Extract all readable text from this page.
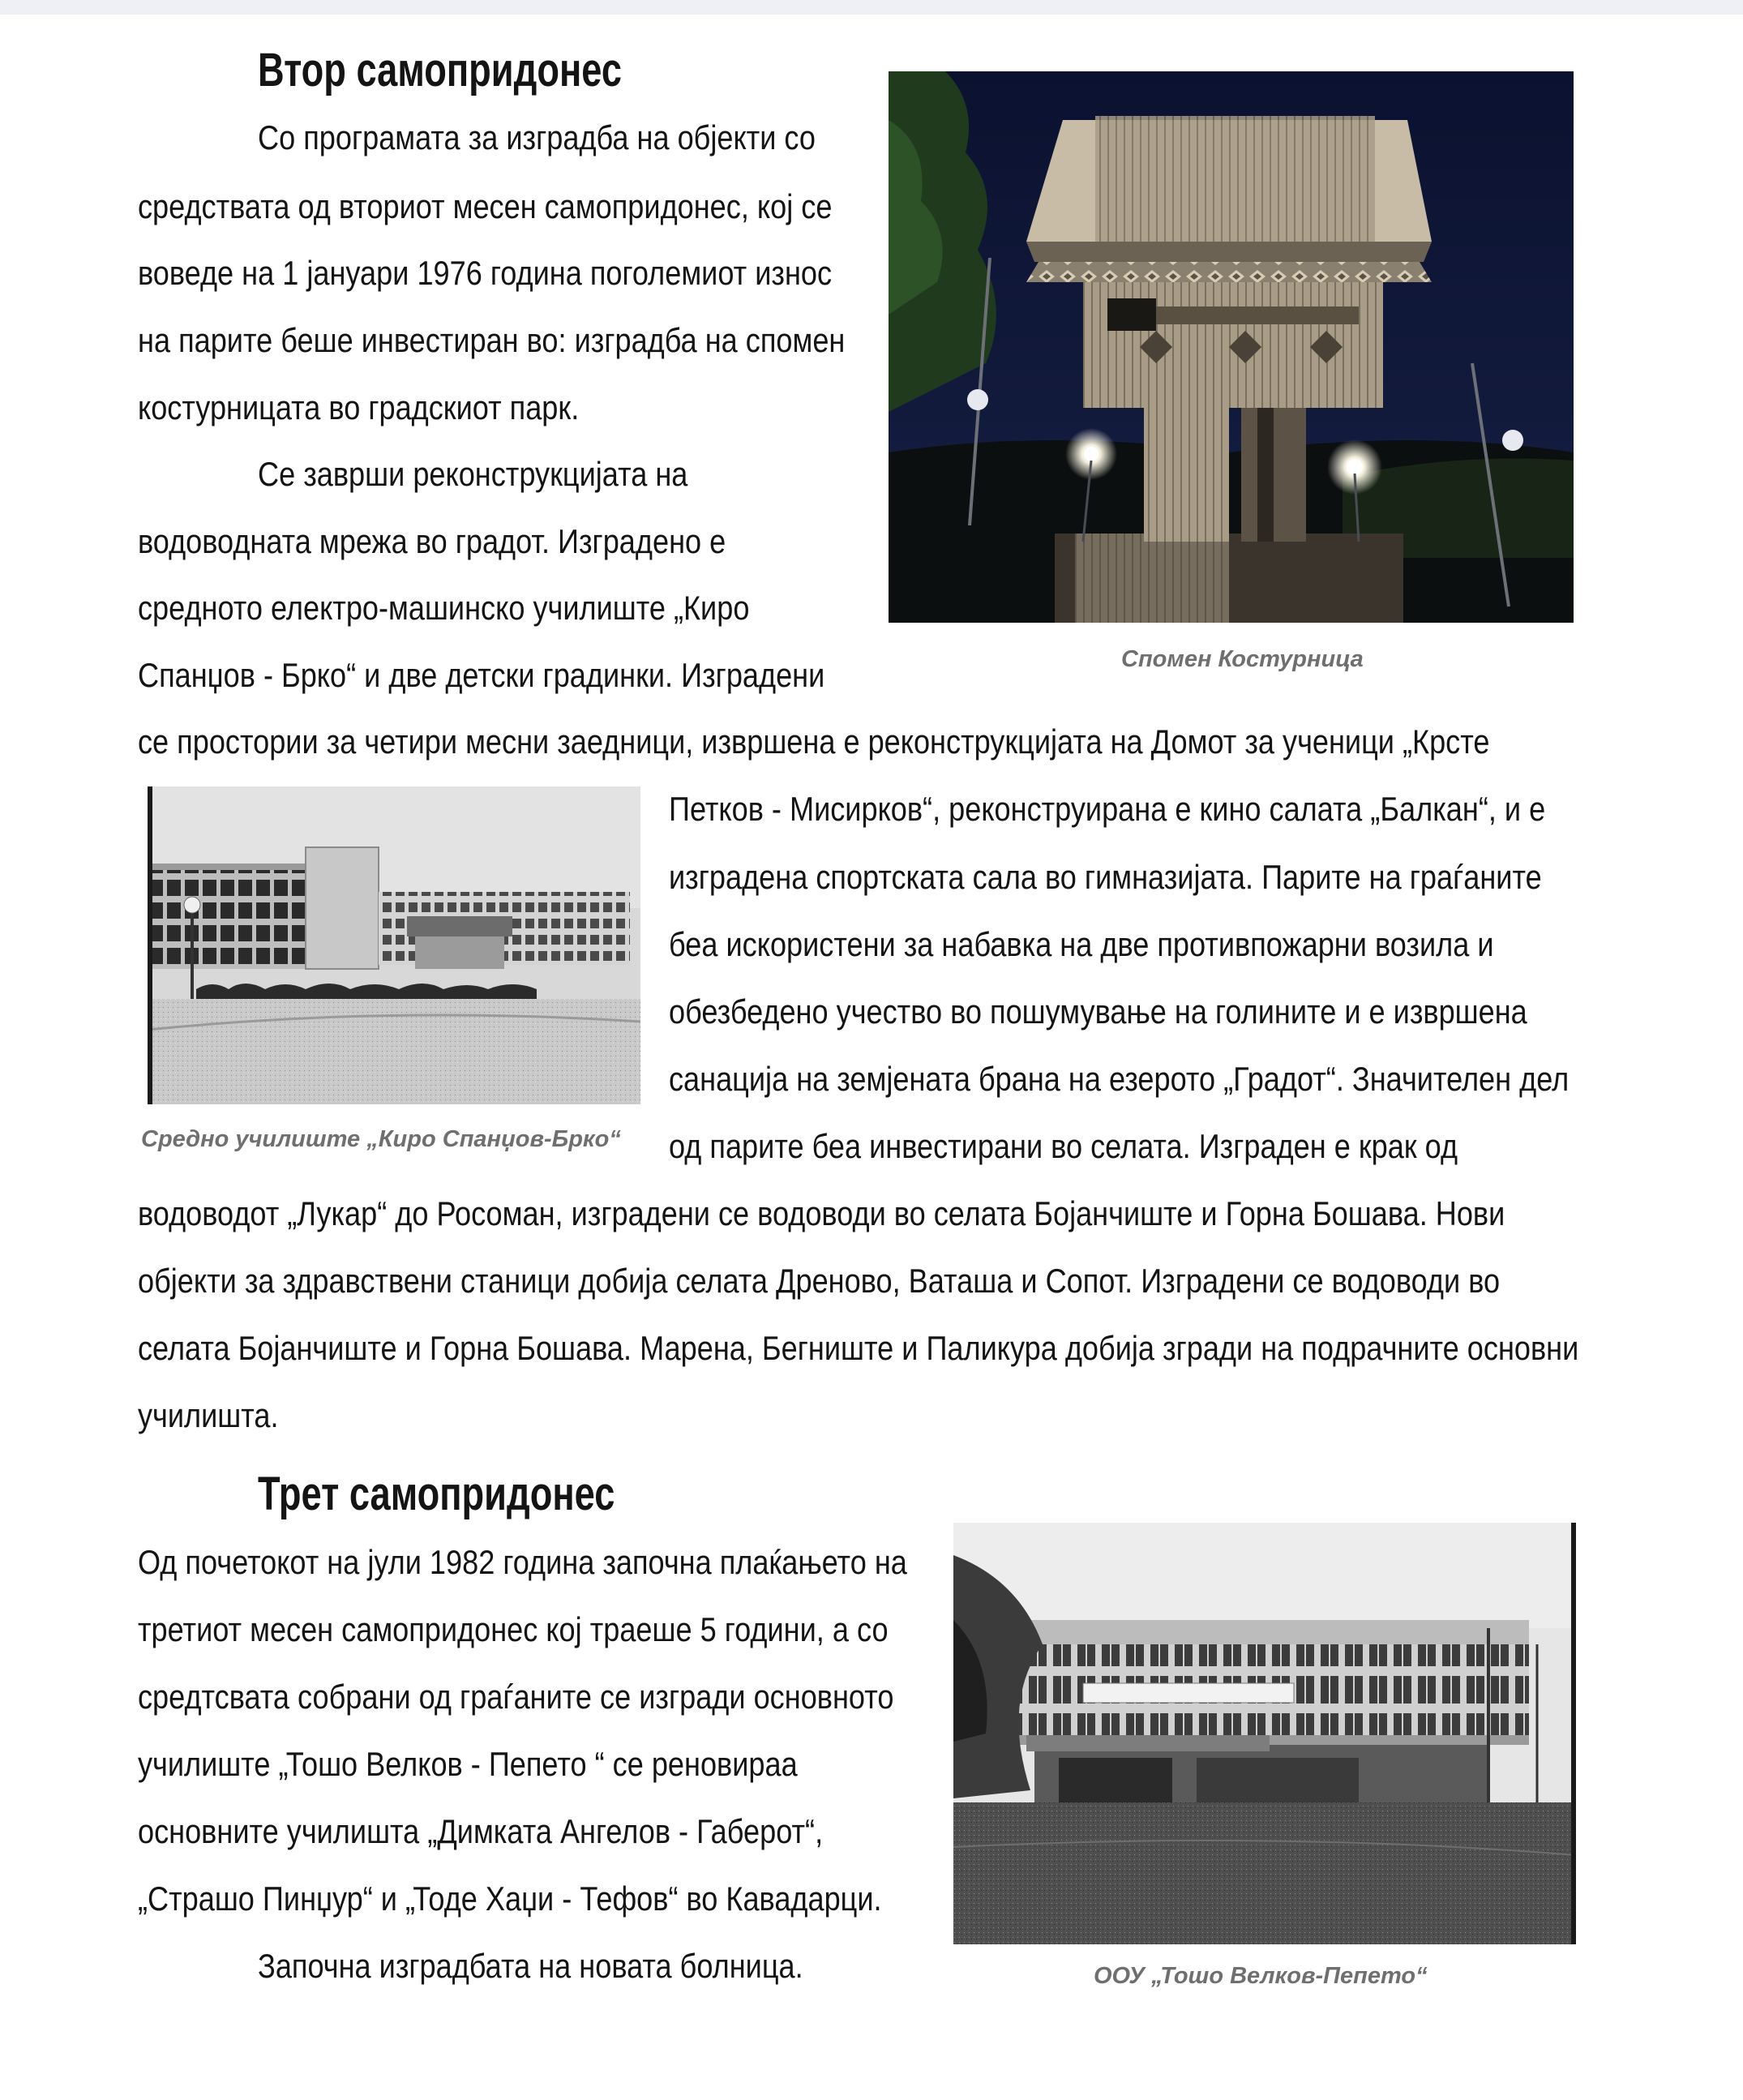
Втор самопридонес
Со програмата за изградба на објекти со
средствата од вториот месен самопридонес, кој се
воведе на 1 јануари 1976 година поголемиот износ
на парите беше инвестиран во: изградба на спомен
костурницата во градскиот парк.
Се заврши реконструкцијата на
водоводната мрежа во градот. Изградено е
средното електро-машинско училиште „Киро
Спанџов - Брко“ и две детски градинки. Изградени
се простории за четири месни заедници, извршена е реконструкцијата на Домот за ученици „Крсте
Петков - Мисирков“, реконструирана е кино салата „Балкан“, и е
изградена спортската сала во гимназијата. Парите на граѓаните
беа искористени за набавка на две противпожарни возила и
обезбедено учество во пошумување на голините и е извршена
санација на земјената брана на езерото „Градот“. Значителен дел
од парите беа инвестирани во селата. Изграден е крак од
водоводот „Лукар“ до Росоман, изградени се водоводи во селата Бојанчиште и Горна Бошава. Нови
објекти за здравствени станици добија селата Дреново, Ваташа и Сопот. Изградени се водоводи во
селата Бојанчиште и Горна Бошава. Марена, Бегниште и Паликура добија згради на подрачните основни
училишта.
Спомен Костурница
Средно училиште „Киро Спанџов-Брко“
Трет самопридонес
Од почетокот на јули 1982 година започна плаќањето на
третиот месен самопридонес кој траеше 5 години, а со
средтсвата собрани од граѓаните се изгради основното
училиште „Тошо Велков - Пепето “ се реновираа
основните училишта „Димката Ангелов - Габерот“,
„Страшо Пинџур“ и „Тоде Хаџи - Тефов“ во Кавадарци.
Започна изградбата на новата болница.	ООУ „Тошо Велков-Пепето“
